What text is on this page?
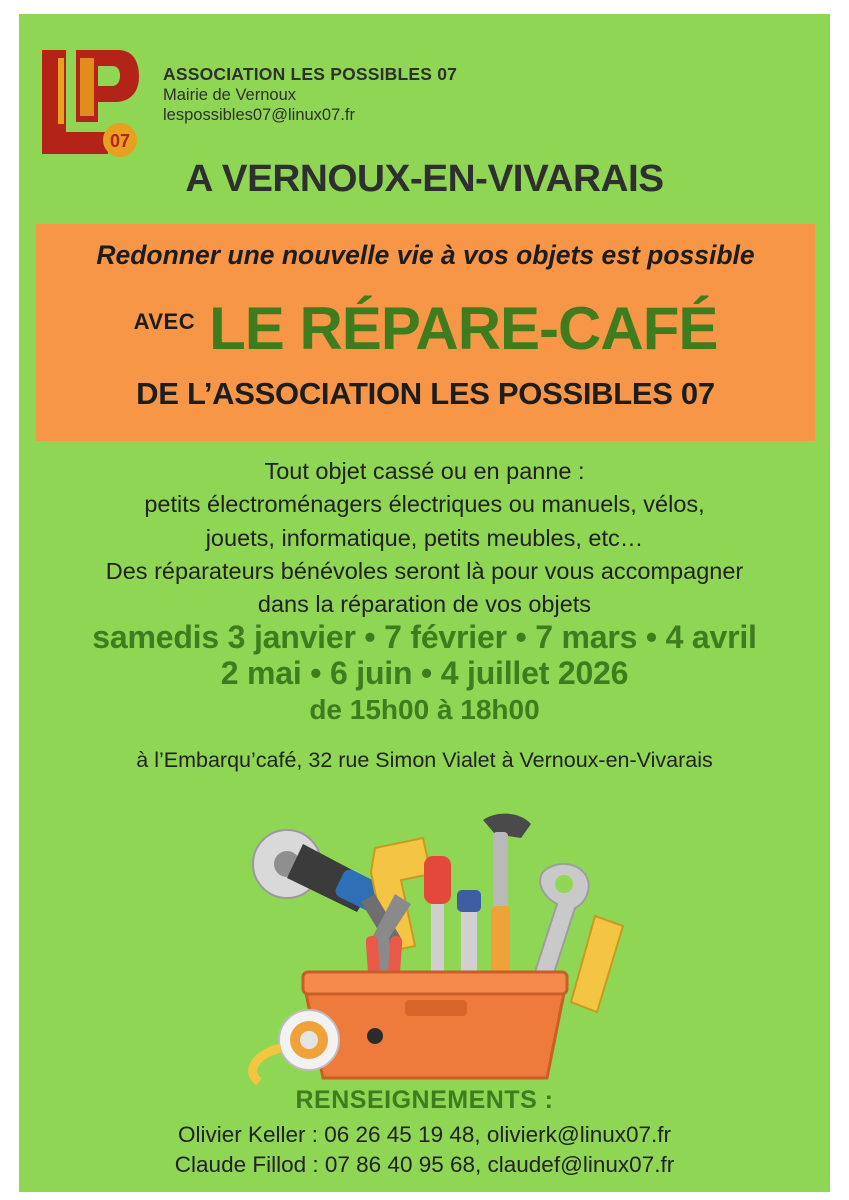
07
ASSOCIATION LES POSSIBLES 07
Mairie de Vernoux
lespossibles07@linux07.fr
A VERNOUX-EN-VIVARAIS
Redonner une nouvelle vie à vos objets est possible
AVEC LE RÉPARE-CAFÉ
DE L’ASSOCIATION LES POSSIBLES 07
Tout objet cassé ou en panne :
petits électroménagers électriques ou manuels, vélos,
jouets, informatique, petits meubles, etc…
Des réparateurs bénévoles seront là pour vous accompagner
dans la réparation de vos objets
samedis 3 janvier • 7 février • 7 mars • 4 avril
2 mai • 6 juin • 4 juillet 2026
de 15h00 à 18h00
à l’Embarqu’café, 32 rue Simon Vialet à Vernoux-en-Vivarais
RENSEIGNEMENTS :
Olivier Keller : 06 26 45 19 48, olivierk@linux07.fr
Claude Fillod : 07 86 40 95 68, claudef@linux07.fr
